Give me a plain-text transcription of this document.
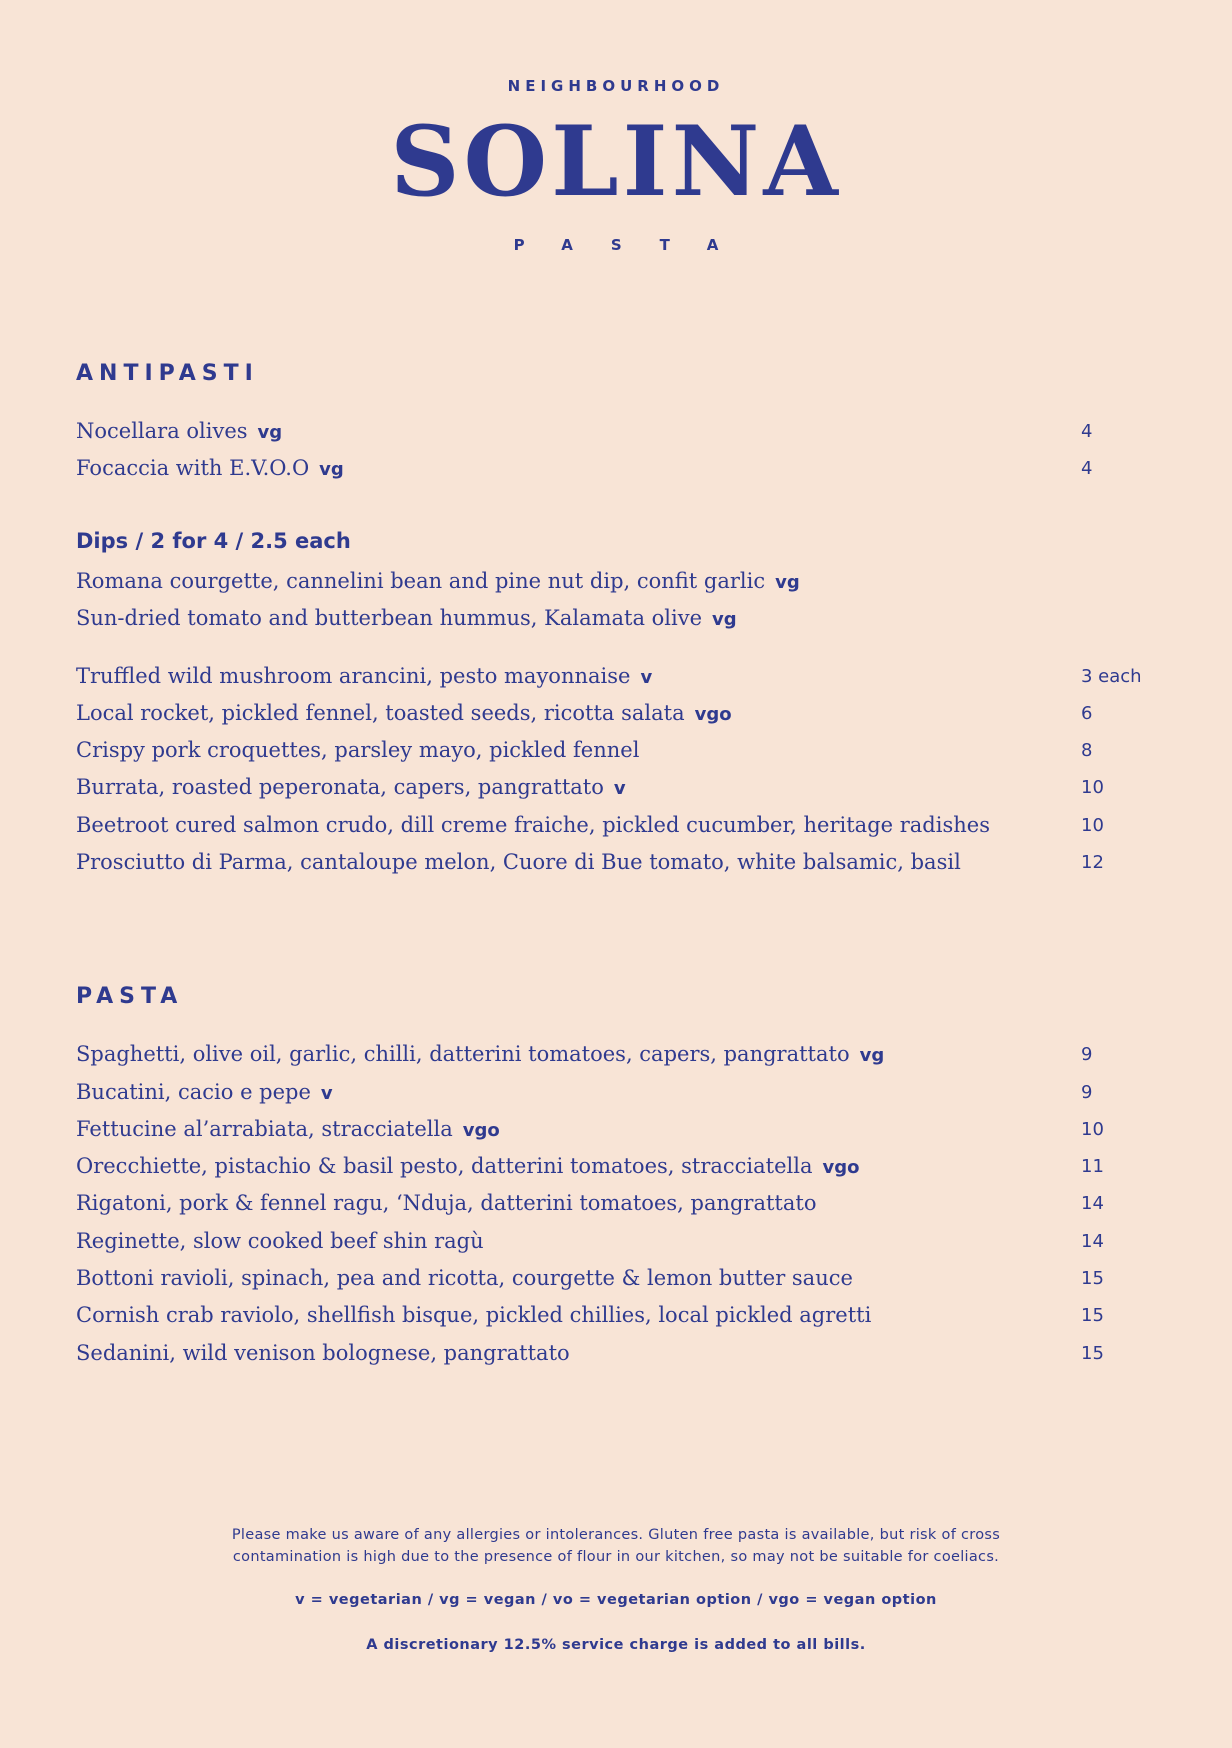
NEIGHBOURHOOD
SOLINA
PASTA
ANTIPASTI
Nocellara olives vg	4
Focaccia with E.V.O.O vg	4
Dips / 2 for 4 / 2.5 each
Romana courgette, cannelini bean and pine nut dip, confit garlic vg
Sun-dried tomato and butterbean hummus, Kalamata olive vg
Truffled wild mushroom arancini, pesto mayonnaise v	3 each
Local rocket, pickled fennel, toasted seeds, ricotta salata vgo	6
Crispy pork croquettes, parsley mayo, pickled fennel	8
Burrata, roasted peperonata, capers, pangrattato v	10
Beetroot cured salmon crudo, dill creme fraiche, pickled cucumber, heritage radishes	10
Prosciutto di Parma, cantaloupe melon, Cuore di Bue tomato, white balsamic, basil	12
PASTA
Spaghetti, olive oil, garlic, chilli, datterini tomatoes, capers, pangrattato vg	9
Bucatini, cacio e pepe v	9
Fettucine al’arrabiata, stracciatella vgo	10
Orecchiette, pistachio & basil pesto, datterini tomatoes, stracciatella vgo	11
Rigatoni, pork & fennel ragu, ‘Nduja, datterini tomatoes, pangrattato	14
Reginette, slow cooked beef shin ragù	14
Bottoni ravioli, spinach, pea and ricotta, courgette & lemon butter sauce	15
Cornish crab raviolo, shellfish bisque, pickled chillies, local pickled agretti	15
Sedanini, wild venison bolognese, pangrattato	15
Please make us aware of any allergies or intolerances. Gluten free pasta is available, but risk of cross
contamination is high due to the presence of flour in our kitchen, so may not be suitable for coeliacs.
v = vegetarian / vg = vegan / vo = vegetarian option / vgo = vegan option
A discretionary 12.5% service charge is added to all bills.
